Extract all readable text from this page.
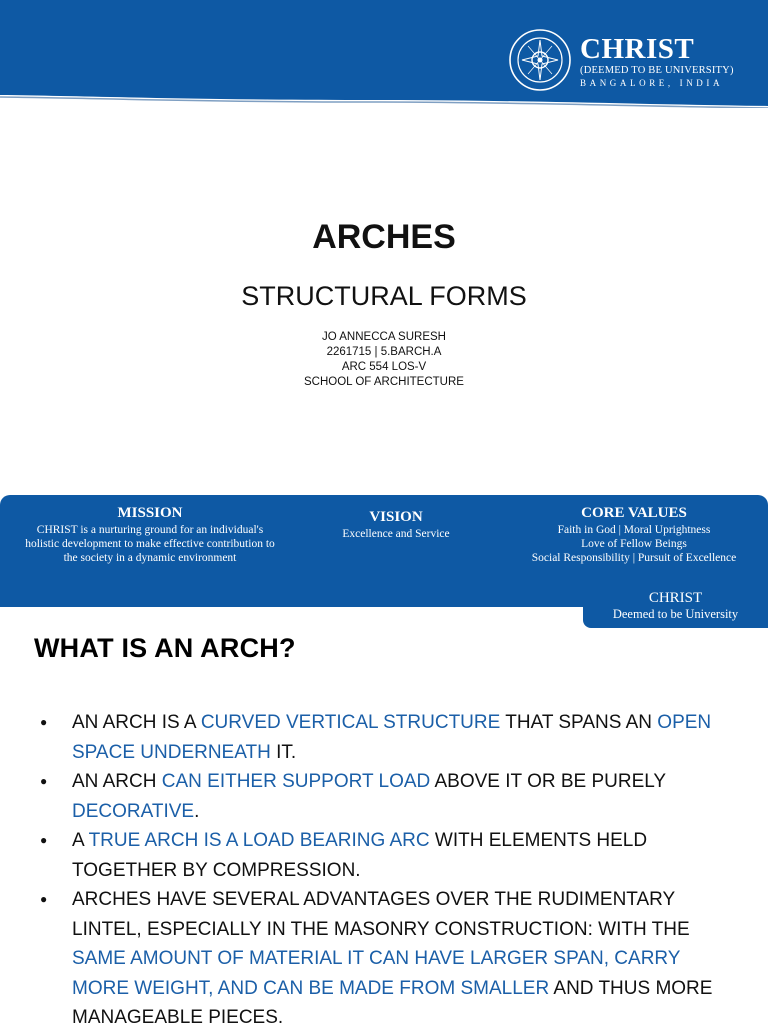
CHRIST
(DEEMED TO BE UNIVERSITY)
BANGALORE, INDIA
ARCHES
STRUCTURAL FORMS
JO ANNECCA SURESH
2261715 | 5.BARCH.A
ARC 554 LOS-V
SCHOOL OF ARCHITECTURE
MISSION
CHRIST is a nurturing ground for an individual's
holistic development to make effective contribution to
the society in a dynamic environment
VISION
Excellence and Service
CORE VALUES
Faith in God | Moral Uprightness
Love of Fellow Beings
Social Responsibility | Pursuit of Excellence
CHRIST
Deemed to be University
WHAT IS AN ARCH?
● AN ARCH IS A CURVED VERTICAL STRUCTURE THAT SPANS AN OPEN SPACE UNDERNEATH IT.
● AN ARCH CAN EITHER SUPPORT LOAD ABOVE IT OR BE PURELY DECORATIVE.
● A TRUE ARCH IS A LOAD BEARING ARC WITH ELEMENTS HELD TOGETHER BY COMPRESSION.
● ARCHES HAVE SEVERAL ADVANTAGES OVER THE RUDIMENTARY LINTEL, ESPECIALLY IN THE MASONRY CONSTRUCTION: WITH THE SAME AMOUNT OF MATERIAL IT CAN HAVE LARGER SPAN, CARRY MORE WEIGHT, AND CAN BE MADE FROM SMALLER AND THUS MORE MANAGEABLE PIECES.
